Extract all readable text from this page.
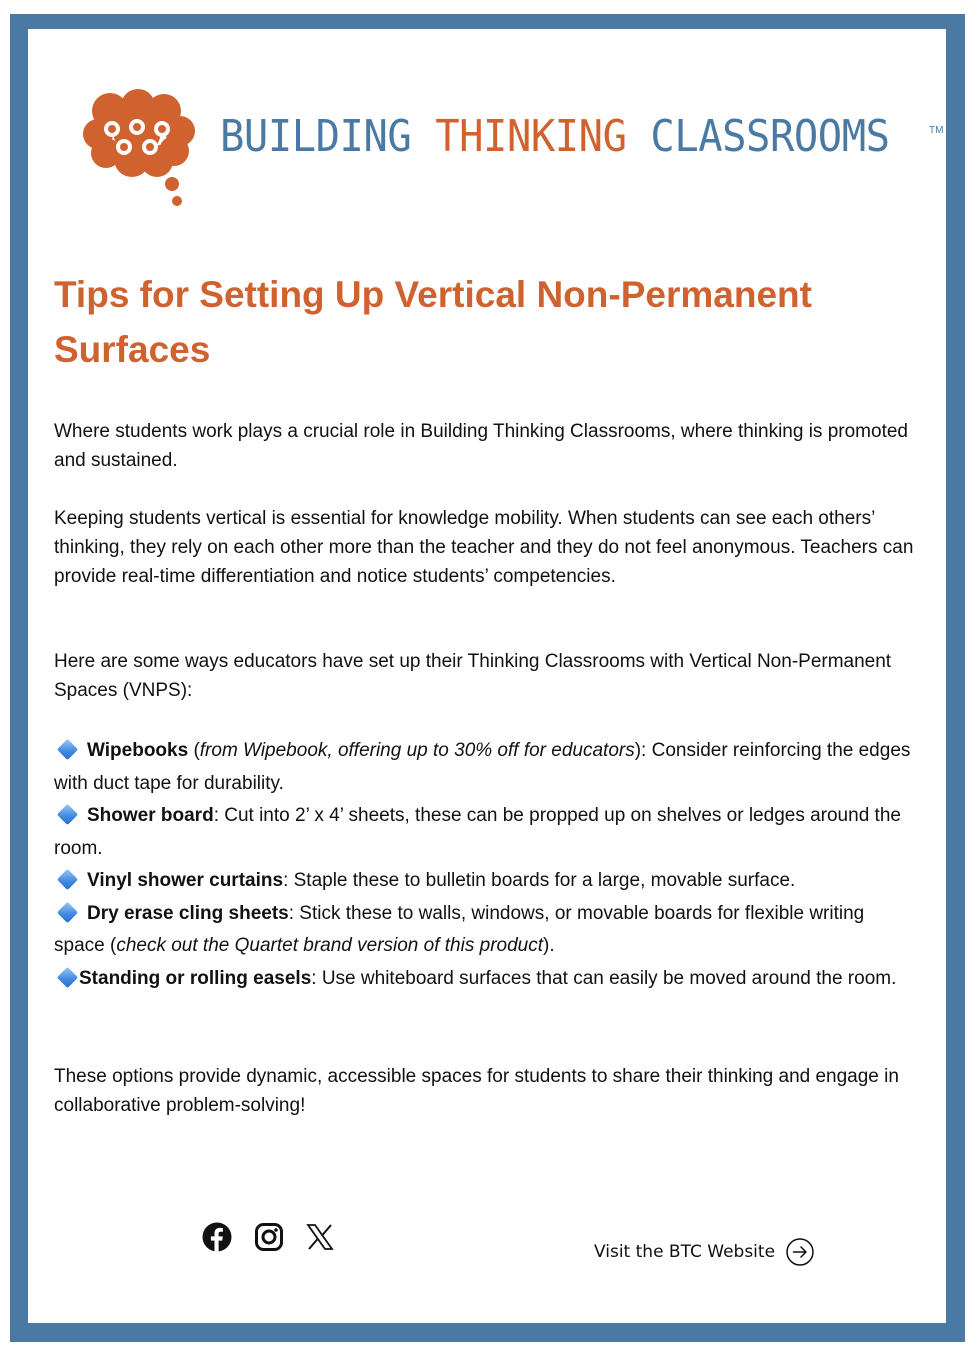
BUILDING THINKING CLASSROOMS	TM
Tips for Setting Up Vertical Non-Permanent Surfaces

Where students work plays a crucial role in Building Thinking Classrooms, where thinking is promoted and sustained.

Keeping students vertical is essential for knowledge mobility. When students can see each others’ thinking, they rely on each other more than the teacher and they do not feel anonymous. Teachers can provide real-time differentiation and notice students’ competencies.

Here are some ways educators have set up their Thinking Classrooms with Vertical Non-Permanent Spaces (VNPS):

Wipebooks (from Wipebook, offering up to 30% off for educators): Consider reinforcing the edges with duct tape for durability.

Shower board: Cut into 2’ x 4’ sheets, these can be propped up on shelves or ledges around the room.

Vinyl shower curtains: Staple these to bulletin boards for a large, movable surface.

Dry erase cling sheets: Stick these to walls, windows, or movable boards for flexible writing space (check out the Quartet brand version of this product).

Standing or rolling easels: Use whiteboard surfaces that can easily be moved around the room.

These options provide dynamic, accessible spaces for students to share their thinking and engage in collaborative problem-solving!

Visit the BTC Website
